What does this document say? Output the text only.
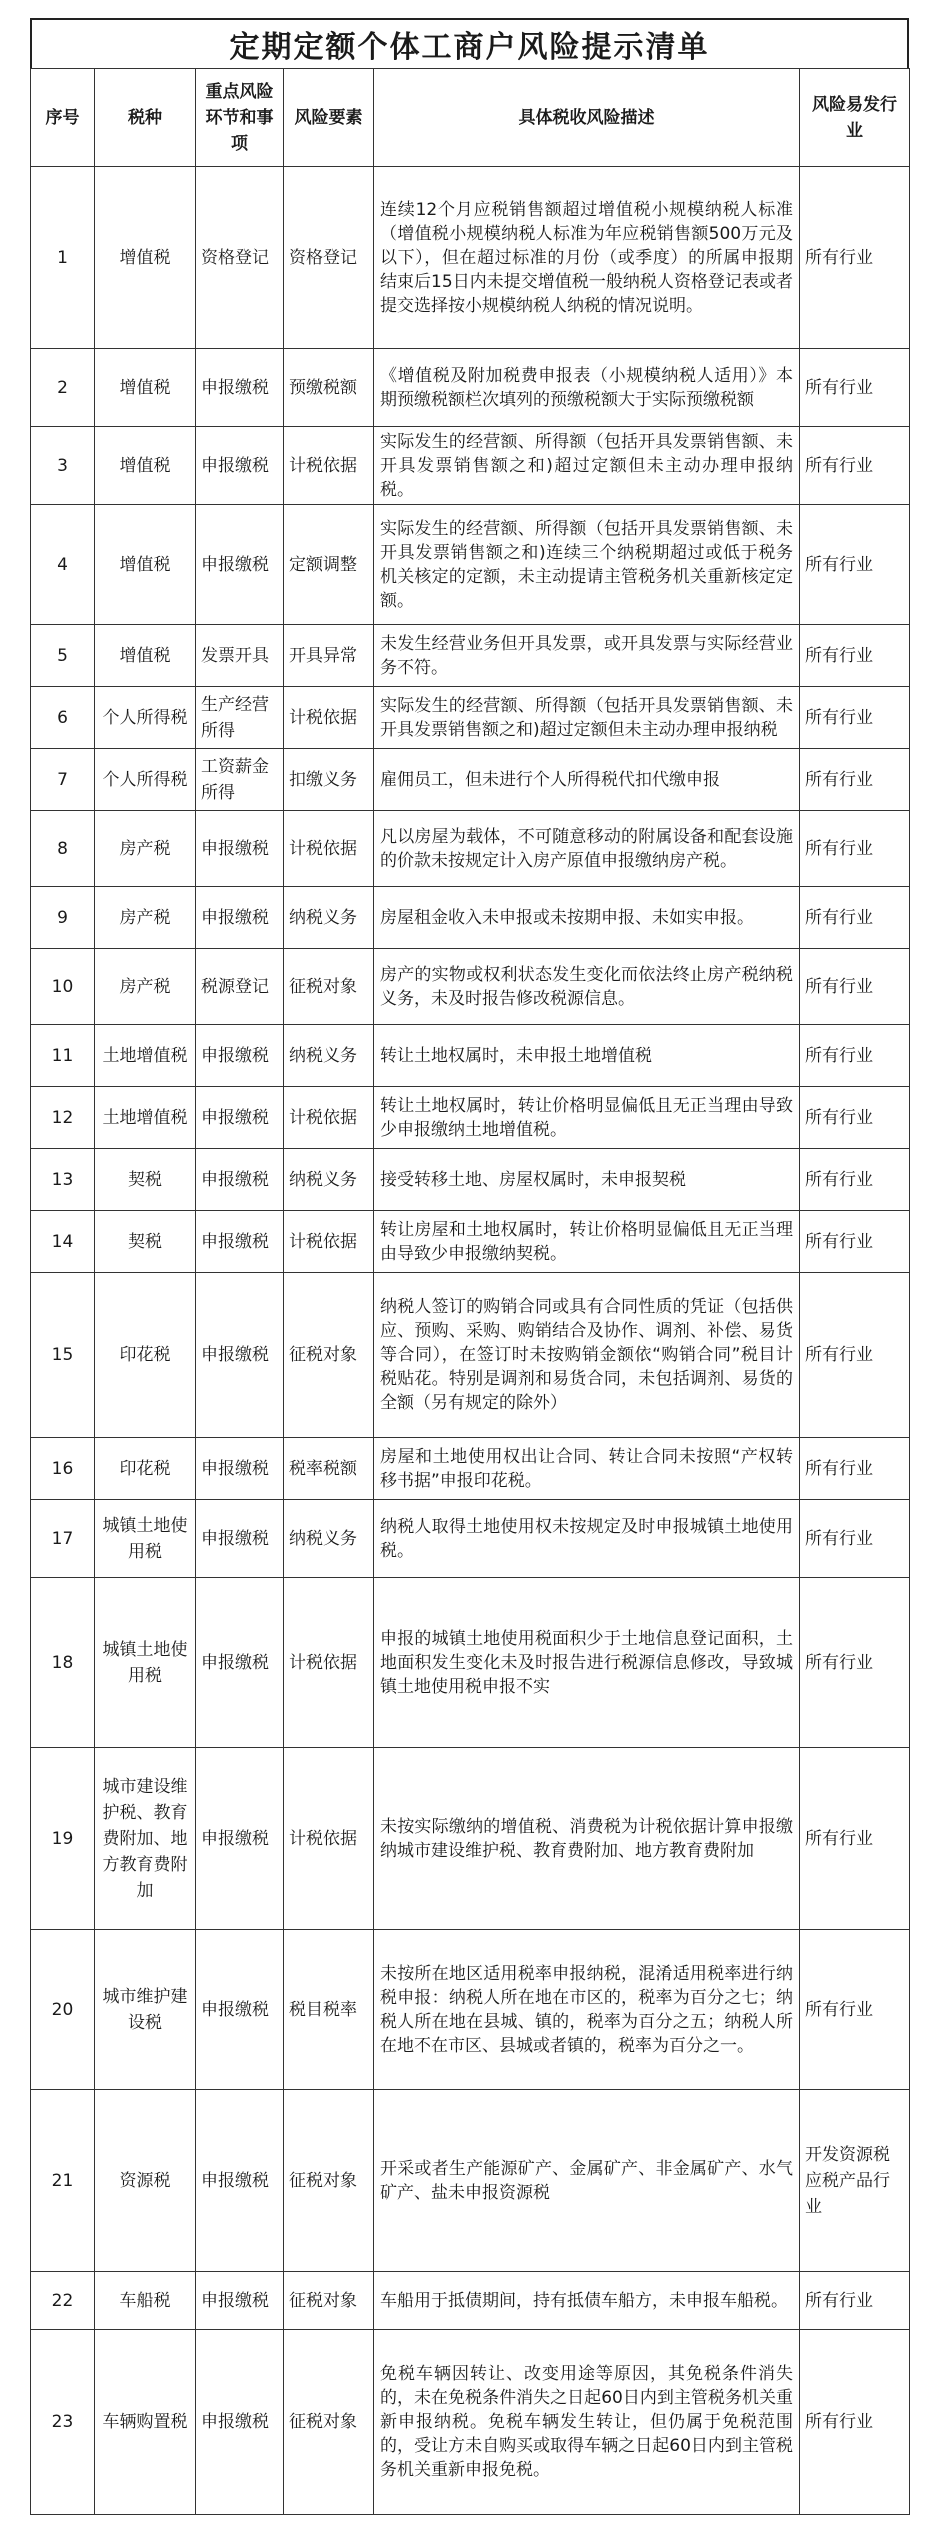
定期定额个体工商户风险提示清单
序号	税种	重点风险环节和事项	风险要素	具体税收风险描述	风险易发行业
1	增值税	资格登记	资格登记	连续12个月应税销售额超过增值税小规模纳税人标准（增值税小规模纳税人标准为年应税销售额500万元及以下），但在超过标准的月份（或季度）的所属申报期结束后15日内未提交增值税一般纳税人资格登记表或者提交选择按小规模纳税人纳税的情况说明。	所有行业
2	增值税	申报缴税	预缴税额	《增值税及附加税费申报表（小规模纳税人适用）》本期预缴税额栏次填列的预缴税额大于实际预缴税额	所有行业
3	增值税	申报缴税	计税依据	实际发生的经营额、所得额（包括开具发票销售额、未开具发票销售额之和)超过定额但未主动办理申报纳税。	所有行业
4	增值税	申报缴税	定额调整	实际发生的经营额、所得额（包括开具发票销售额、未开具发票销售额之和)连续三个纳税期超过或低于税务机关核定的定额，未主动提请主管税务机关重新核定定额。	所有行业
5	增值税	发票开具	开具异常	未发生经营业务但开具发票，或开具发票与实际经营业务不符。	所有行业
6	个人所得税	生产经营所得	计税依据	实际发生的经营额、所得额（包括开具发票销售额、未开具发票销售额之和)超过定额但未主动办理申报纳税	所有行业
7	个人所得税	工资薪金所得	扣缴义务	雇佣员工，但未进行个人所得税代扣代缴申报	所有行业
8	房产税	申报缴税	计税依据	凡以房屋为载体，不可随意移动的附属设备和配套设施的价款未按规定计入房产原值申报缴纳房产税。	所有行业
9	房产税	申报缴税	纳税义务	房屋租金收入未申报或未按期申报、未如实申报。	所有行业
10	房产税	税源登记	征税对象	房产的实物或权利状态发生变化而依法终止房产税纳税义务，未及时报告修改税源信息。	所有行业
11	土地增值税	申报缴税	纳税义务	转让土地权属时，未申报土地增值税	所有行业
12	土地增值税	申报缴税	计税依据	转让土地权属时，转让价格明显偏低且无正当理由导致少申报缴纳土地增值税。	所有行业
13	契税	申报缴税	纳税义务	接受转移土地、房屋权属时，未申报契税	所有行业
14	契税	申报缴税	计税依据	转让房屋和土地权属时，转让价格明显偏低且无正当理由导致少申报缴纳契税。	所有行业
15	印花税	申报缴税	征税对象	纳税人签订的购销合同或具有合同性质的凭证（包括供应、预购、采购、购销结合及协作、调剂、补偿、易货等合同），在签订时未按购销金额依“购销合同”税目计税贴花。特别是调剂和易货合同，未包括调剂、易货的全额（另有规定的除外）	所有行业
16	印花税	申报缴税	税率税额	房屋和土地使用权出让合同、转让合同未按照“产权转移书据”申报印花税。	所有行业
17	城镇土地使用税	申报缴税	纳税义务	纳税人取得土地使用权未按规定及时申报城镇土地使用税。	所有行业
18	城镇土地使用税	申报缴税	计税依据	申报的城镇土地使用税面积少于土地信息登记面积，土地面积发生变化未及时报告进行税源信息修改，导致城镇土地使用税申报不实	所有行业
19	城市建设维护税、教育费附加、地方教育费附加	申报缴税	计税依据	未按实际缴纳的增值税、消费税为计税依据计算申报缴纳城市建设维护税、教育费附加、地方教育费附加	所有行业
20	城市维护建设税	申报缴税	税目税率	未按所在地区适用税率申报纳税，混淆适用税率进行纳税申报：纳税人所在地在市区的，税率为百分之七；纳税人所在地在县城、镇的，税率为百分之五；纳税人所在地不在市区、县城或者镇的，税率为百分之一。	所有行业
21	资源税	申报缴税	征税对象	开采或者生产能源矿产、金属矿产、非金属矿产、水气矿产、盐未申报资源税	开发资源税应税产品行业
22	车船税	申报缴税	征税对象	车船用于抵债期间，持有抵债车船方，未申报车船税。	所有行业
23	车辆购置税	申报缴税	征税对象	免税车辆因转让、改变用途等原因，其免税条件消失的，未在免税条件消失之日起60日内到主管税务机关重新申报纳税。免税车辆发生转让，但仍属于免税范围的，受让方未自购买或取得车辆之日起60日内到主管税务机关重新申报免税。	所有行业
